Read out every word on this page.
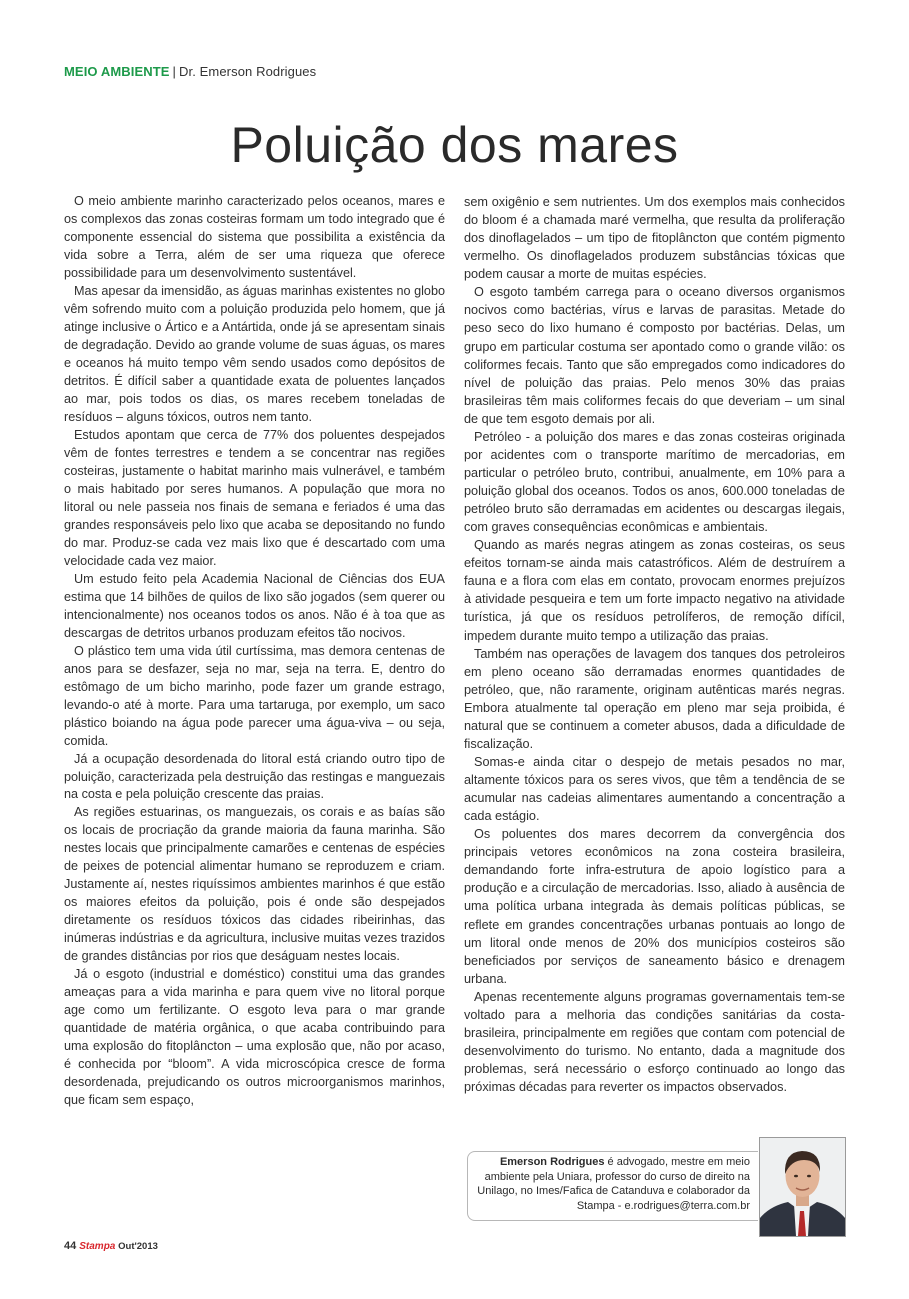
MEIO AMBIENTE | Dr. Emerson Rodrigues
Poluição dos mares

O meio ambiente marinho caracterizado pelos oceanos, mares e os complexos das zonas costeiras formam um todo integrado que é componente essencial do sistema que possibilita a existência da vida sobre a Terra, além de ser uma riqueza que oferece possibilidade para um desenvolvimento sustentável.

Mas apesar da imensidão, as águas marinhas existentes no globo vêm sofrendo muito com a poluição produzida pelo homem, que já atinge inclusive o Ártico e a Antártida, onde já se apresentam sinais de degradação. Devido ao grande volume de suas águas, os mares e oceanos há muito tempo vêm sendo usados como depósitos de detritos. É difícil saber a quantidade exata de poluentes lançados ao mar, pois todos os dias, os mares recebem toneladas de resíduos – alguns tóxicos, outros nem tanto.

Estudos apontam que cerca de 77% dos poluentes despejados vêm de fontes terrestres e tendem a se concentrar nas regiões costeiras, justamente o habitat marinho mais vulnerável, e também o mais habitado por seres humanos. A população que mora no litoral ou nele passeia nos finais de semana e feriados é uma das grandes responsáveis pelo lixo que acaba se depositando no fundo do mar. Produz-se cada vez mais lixo que é descartado com uma velocidade cada vez maior.

Um estudo feito pela Academia Nacional de Ciências dos EUA estima que 14 bilhões de quilos de lixo são jogados (sem querer ou intencionalmente) nos oceanos todos os anos. Não é à toa que as descargas de detritos urbanos produzam efeitos tão nocivos.

O plástico tem uma vida útil curtíssima, mas demora centenas de anos para se desfazer, seja no mar, seja na terra. E, dentro do estômago de um bicho marinho, pode fazer um grande estrago, levando-o até à morte. Para uma tartaruga, por exemplo, um saco plástico boiando na água pode parecer uma água-viva – ou seja, comida.

Já a ocupação desordenada do litoral está criando outro tipo de poluição, caracterizada pela destruição das restingas e manguezais na costa e pela poluição crescente das praias.

As regiões estuarinas, os manguezais, os corais e as baías são os locais de procriação da grande maioria da fauna marinha. São nestes locais que principalmente camarões e centenas de espécies de peixes de potencial alimentar humano se reproduzem e criam. Justamente aí, nestes riquíssimos ambientes marinhos é que estão os maiores efeitos da poluição, pois é onde são despejados diretamente os resíduos tóxicos das cidades ribeirinhas, das inúmeras indústrias e da agricultura, inclusive muitas vezes trazidos de grandes distâncias por rios que deságuam nestes locais.

Já o esgoto (industrial e doméstico) constitui uma das grandes ameaças para a vida marinha e para quem vive no litoral porque age como um fertilizante. O esgoto leva para o mar grande quantidade de matéria orgânica, o que acaba contribuindo para uma explosão do fitoplâncton – uma explosão que, não por acaso, é conhecida por “bloom”. A vida microscópica cresce de forma desordenada, prejudicando os outros microorganismos marinhos, que ficam sem espaço,

sem oxigênio e sem nutrientes. Um dos exemplos mais conhecidos do bloom é a chamada maré vermelha, que resulta da proliferação dos dinoflagelados – um tipo de fitoplâncton que contém pigmento vermelho. Os dinoflagelados produzem substâncias tóxicas que podem causar a morte de muitas espécies.

O esgoto também carrega para o oceano diversos organismos nocivos como bactérias, vírus e larvas de parasitas. Metade do peso seco do lixo humano é composto por bactérias. Delas, um grupo em particular costuma ser apontado como o grande vilão: os coliformes fecais. Tanto que são empregados como indicadores do nível de poluição das praias. Pelo menos 30% das praias brasileiras têm mais coliformes fecais do que deveriam – um sinal de que tem esgoto demais por ali.

Petróleo - a poluição dos mares e das zonas costeiras originada por acidentes com o transporte marítimo de mercadorias, em particular o petróleo bruto, contribui, anualmente, em 10% para a poluição global dos oceanos. Todos os anos, 600.000 toneladas de petróleo bruto são derramadas em acidentes ou descargas ilegais, com graves consequências econômicas e ambientais.

Quando as marés negras atingem as zonas costeiras, os seus efeitos tornam-se ainda mais catastróficos. Além de destruírem a fauna e a flora com elas em contato, provocam enormes prejuízos à atividade pesqueira e tem um forte impacto negativo na atividade turística, já que os resíduos petrolíferos, de remoção difícil, impedem durante muito tempo a utilização das praias.

Também nas operações de lavagem dos tanques dos petroleiros em pleno oceano são derramadas enormes quantidades de petróleo, que, não raramente, originam autênticas marés negras. Embora atualmente tal operação em pleno mar seja proibida, é natural que se continuem a cometer abusos, dada a dificuldade de fiscalização.

Somas-e ainda citar o despejo de metais pesados no mar, altamente tóxicos para os seres vivos, que têm a tendência de se acumular nas cadeias alimentares aumentando a concentração a cada estágio.

Os poluentes dos mares decorrem da convergência dos principais vetores econômicos na zona costeira brasileira, demandando forte infra-estrutura de apoio logístico para a produção e a circulação de mercadorias. Isso, aliado à ausência de uma política urbana integrada às demais políticas públicas, se reflete em grandes concentrações urbanas pontuais ao longo de um litoral onde menos de 20% dos municípios costeiros são beneficiados por serviços de saneamento básico e drenagem urbana.

Apenas recentemente alguns programas governamentais tem-se voltado para a melhoria das condições sanitárias da costa-brasileira, principalmente em regiões que contam com potencial de desenvolvimento do turismo. No entanto, dada a magnitude dos problemas, será necessário o esforço continuado ao longo das próximas décadas para reverter os impactos observados.

Emerson Rodrigues é advogado, mestre em meio ambiente pela Uniara, professor do curso de direito na Unilago, no Imes/Fafica de Catanduva e colaborador da Stampa - e.rodrigues@terra.com.br
44 Stampa Out'2013
